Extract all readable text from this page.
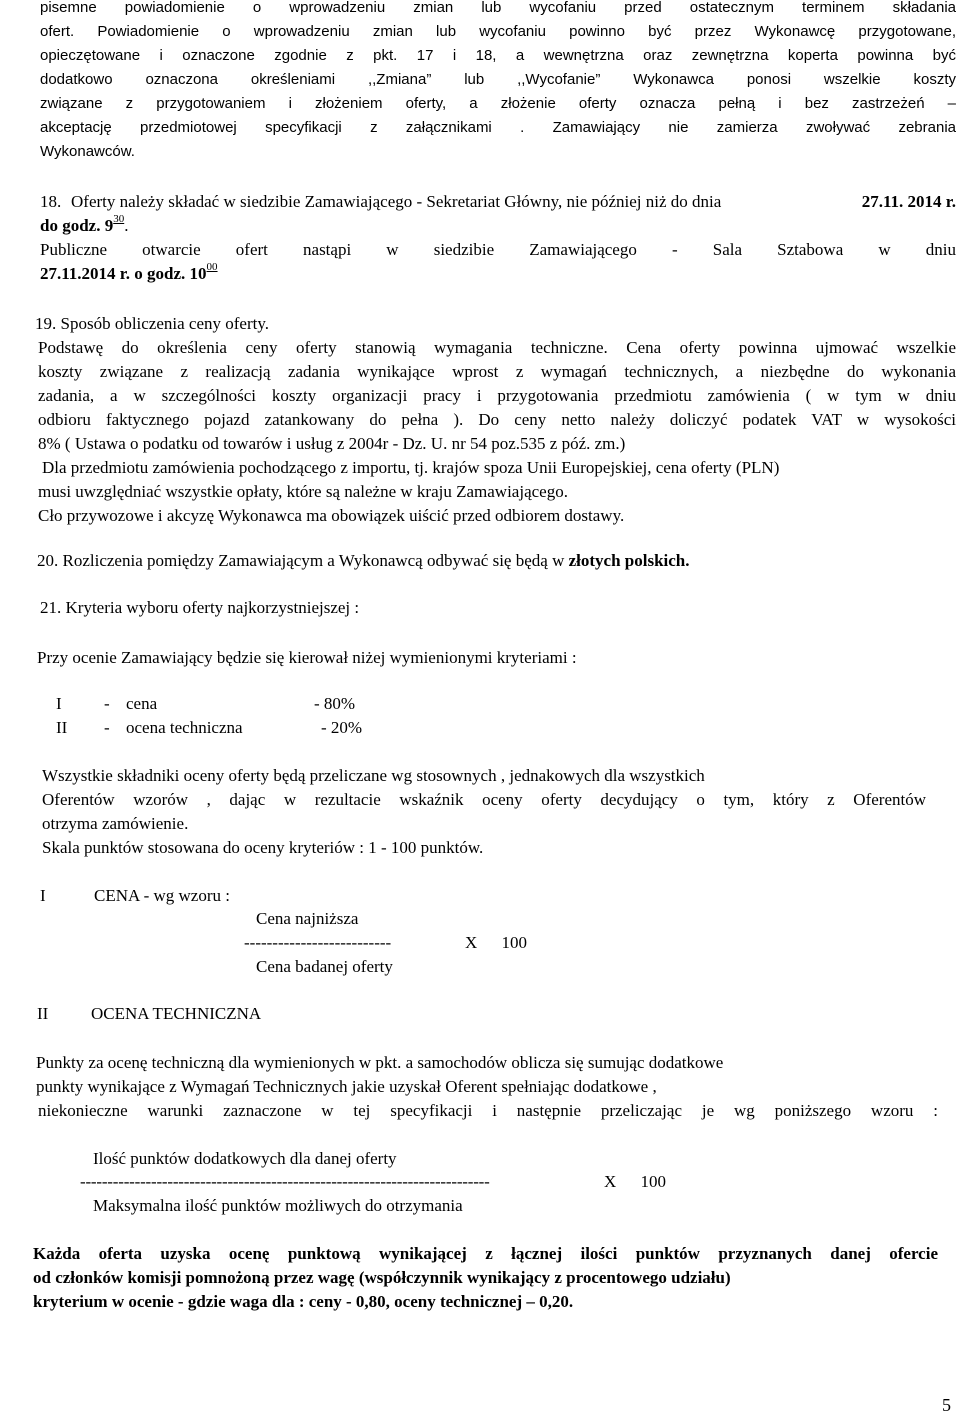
pisemne powiadomienie o wprowadzeniu zmian lub wycofaniu przed ostatecznym terminem składania
ofert. Powiadomienie o wprowadzeniu zmian lub wycofaniu powinno być przez Wykonawcę przygotowane,
opieczętowane i oznaczone zgodnie z pkt. 17 i 18, a wewnętrzna oraz zewnętrzna koperta powinna być
dodatkowo oznaczona określeniami ,,Zmiana” lub ,,Wycofanie” Wykonawca ponosi wszelkie koszty
związane z przygotowaniem i złożeniem oferty, a złożenie oferty oznacza pełną i bez zastrzeżeń –
akceptację przedmiotowej specyfikacji z załącznikami . Zamawiający nie zamierza zwoływać zebrania
Wykonawców.
18. Oferty należy składać w siedzibie Zamawiającego - Sekretariat Główny, nie później niż do dnia	27.11. 2014 r.
do godz. $9^{30}$.
Publiczne otwarcie ofert nastąpi w siedzibie Zamawiającego - Sala Sztabowa w dniu
27.11.2014 r. o godz. $10^{00}$
19. Sposób obliczenia ceny oferty.
Podstawę do określenia ceny oferty stanowią wymagania techniczne. Cena oferty powinna ujmować wszelkie
koszty związane z realizacją zadania wynikające wprost z wymagań technicznych, a niezbędne do wykonania
zadania, a w szczególności koszty organizacji pracy i przygotowania przedmiotu zamówienia ( w tym w dniu
odbioru faktycznego pojazd zatankowany do pełna ). Do ceny netto należy doliczyć podatek VAT w wysokości
8% ( Ustawa o podatku od towarów i usług z 2004r - Dz. U. nr 54 poz.535 z póź. zm.)
Dla przedmiotu zamówienia pochodzącego z importu, tj. krajów spoza Unii Europejskiej, cena oferty (PLN)
musi uwzględniać wszystkie opłaty, które są należne w kraju Zamawiającego.
Cło przywozowe i akcyzę Wykonawca ma obowiązek uiścić przed odbiorem dostawy.
20. Rozliczenia pomiędzy Zamawiającym a Wykonawcą odbywać się będą w złotych polskich.
21. Kryteria wyboru oferty najkorzystniejszej :
Przy ocenie Zamawiający będzie się kierował niżej wymienionymi kryteriami :
I - cena	- 80%
II - ocena techniczna	- 20%
Wszystkie składniki oceny oferty będą przeliczane wg stosownych , jednakowych dla wszystkich
Oferentów wzorów , dając w rezultacie wskaźnik oceny oferty decydujący o tym, który z Oferentów
otrzyma zamówienie.
Skala punktów stosowana do oceny kryteriów : 1 - 100 punktów.
I	CENA - wg wzoru :
Cena najniższa
--------------------------	X 100
Cena badanej oferty
II	OCENA TECHNICZNA
Punkty za ocenę techniczną dla wymienionych w pkt. a samochodów oblicza się sumując dodatkowe
punkty wynikające z Wymagań Technicznych jakie uzyskał Oferent spełniając dodatkowe ,
niekonieczne warunki zaznaczone w tej specyfikacji i następnie przeliczając je wg poniższego wzoru :
Ilość punktów dodatkowych dla danej oferty
---------------------------------------------------------------------------	X 100
Maksymalna ilość punktów możliwych do otrzymania
Każda oferta uzyska ocenę punktową wynikającej z łącznej ilości punktów przyznanych danej ofercie
od członków komisji pomnożoną przez wagę (współczynnik wynikający z procentowego udziału)
kryterium w ocenie - gdzie waga dla : ceny - 0,80, oceny technicznej – 0,20.
5
